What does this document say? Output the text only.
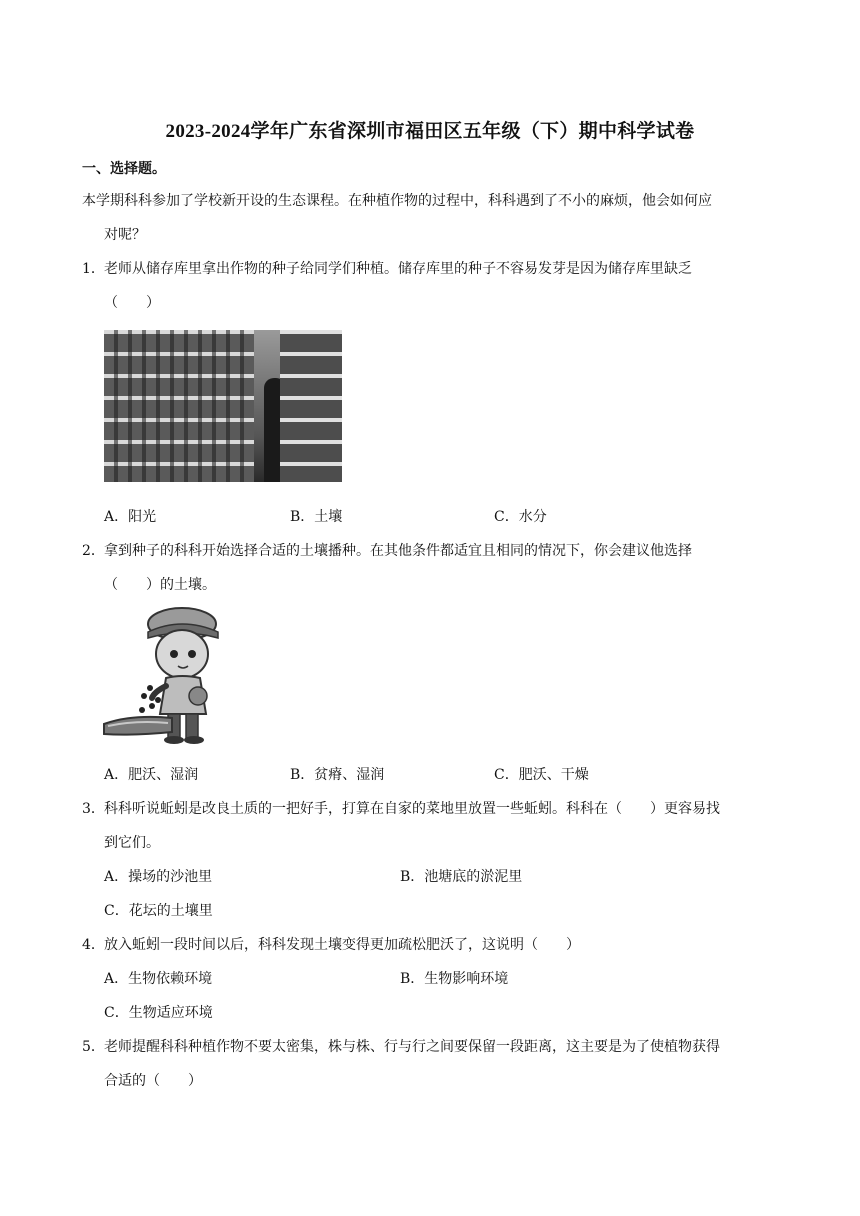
2023-2024学年广东省深圳市福田区五年级（下）期中科学试卷
一、选择题。
本学期科科参加了学校新开设的生态课程。在种植作物的过程中，科科遇到了不小的麻烦，他会如何应
对呢？
1． 老师从储存库里拿出作物的种子给同学们种植。储存库里的种子不容易发芽是因为储存库里缺乏
（　　）
A．阳光	B．土壤	C．水分
2． 拿到种子的科科开始选择合适的土壤播种。在其他条件都适宜且相同的情况下，你会建议他选择
（　　）的土壤。
A．肥沃、湿润	B．贫瘠、湿润	C．肥沃、干燥
3． 科科听说蚯蚓是改良土质的一把好手，打算在自家的菜地里放置一些蚯蚓。科科在（　　）更容易找
到它们。
A．操场的沙池里	B．池塘底的淤泥里
C．花坛的土壤里
4． 放入蚯蚓一段时间以后，科科发现土壤变得更加疏松肥沃了，这说明（　　）
A．生物依赖环境	B．生物影响环境
C．生物适应环境
5． 老师提醒科科种植作物不要太密集，株与株、行与行之间要保留一段距离，这主要是为了使植物获得
合适的（　　）
